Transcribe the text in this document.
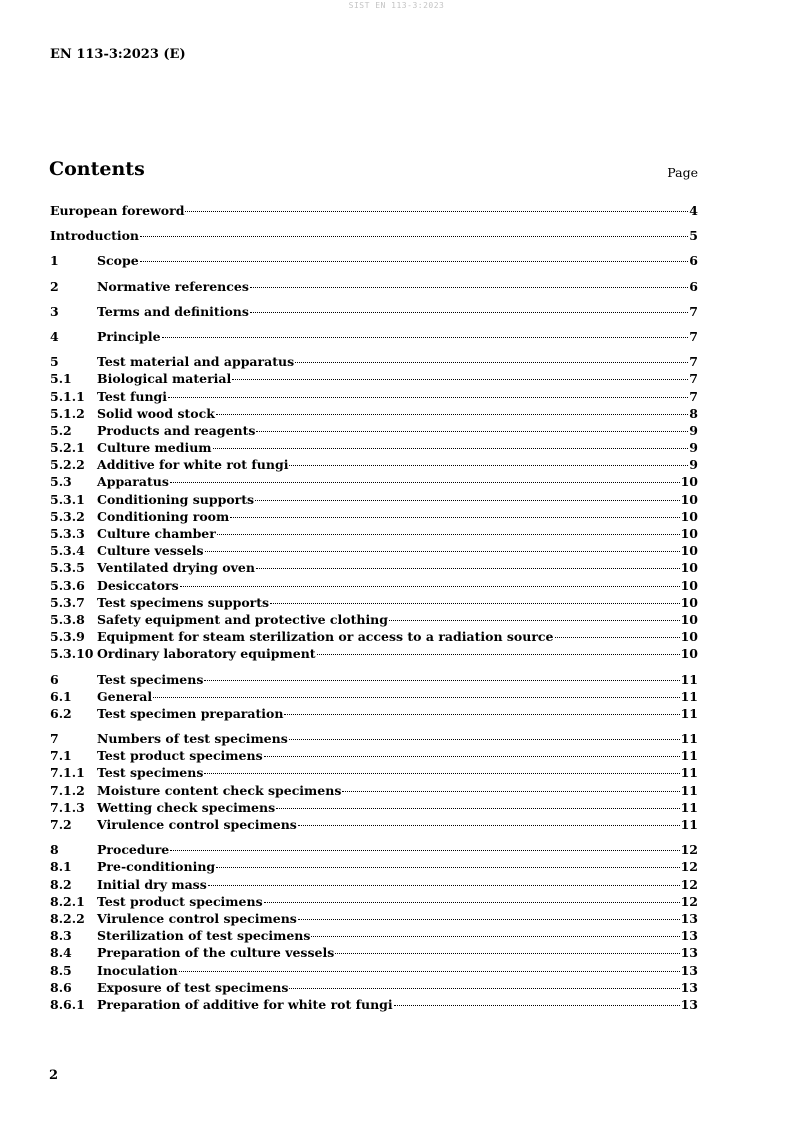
SIST EN 113-3:2023
EN 113-3:2023 (E)
Contents	Page
European foreword	4
Introduction	5
1	Scope	6
2	Normative references	6
3	Terms and definitions	7
4	Principle	7
5	Test material and apparatus	7
5.1	Biological material	7
5.1.1 Test fungi	7
5.1.2 Solid wood stock	8
5.2	Products and reagents	9
5.2.1 Culture medium	9
5.2.2 Additive for white rot fungi	9
5.3	Apparatus	10
5.3.1 Conditioning supports	10
5.3.2 Conditioning room	10
5.3.3 Culture chamber	10
5.3.4 Culture vessels	10
5.3.5 Ventilated drying oven	10
5.3.6 Desiccators	10
5.3.7 Test specimens supports	10
5.3.8 Safety equipment and protective clothing	10
5.3.9 Equipment for steam sterilization or access to a radiation source	10
5.3.10 Ordinary laboratory equipment	10
6	Test specimens	11
6.1	General	11
6.2	Test specimen preparation	11
7	Numbers of test specimens	11
7.1	Test product specimens	11
7.1.1 Test specimens	11
7.1.2 Moisture content check specimens	11
7.1.3 Wetting check specimens	11
7.2	Virulence control specimens	11
8	Procedure	12
8.1	Pre-conditioning	12
8.2	Initial dry mass	12
8.2.1 Test product specimens	12
8.2.2 Virulence control specimens	13
8.3	Sterilization of test specimens	13
8.4	Preparation of the culture vessels	13
8.5	Inoculation	13
8.6	Exposure of test specimens	13
8.6.1 Preparation of additive for white rot fungi	13
2
